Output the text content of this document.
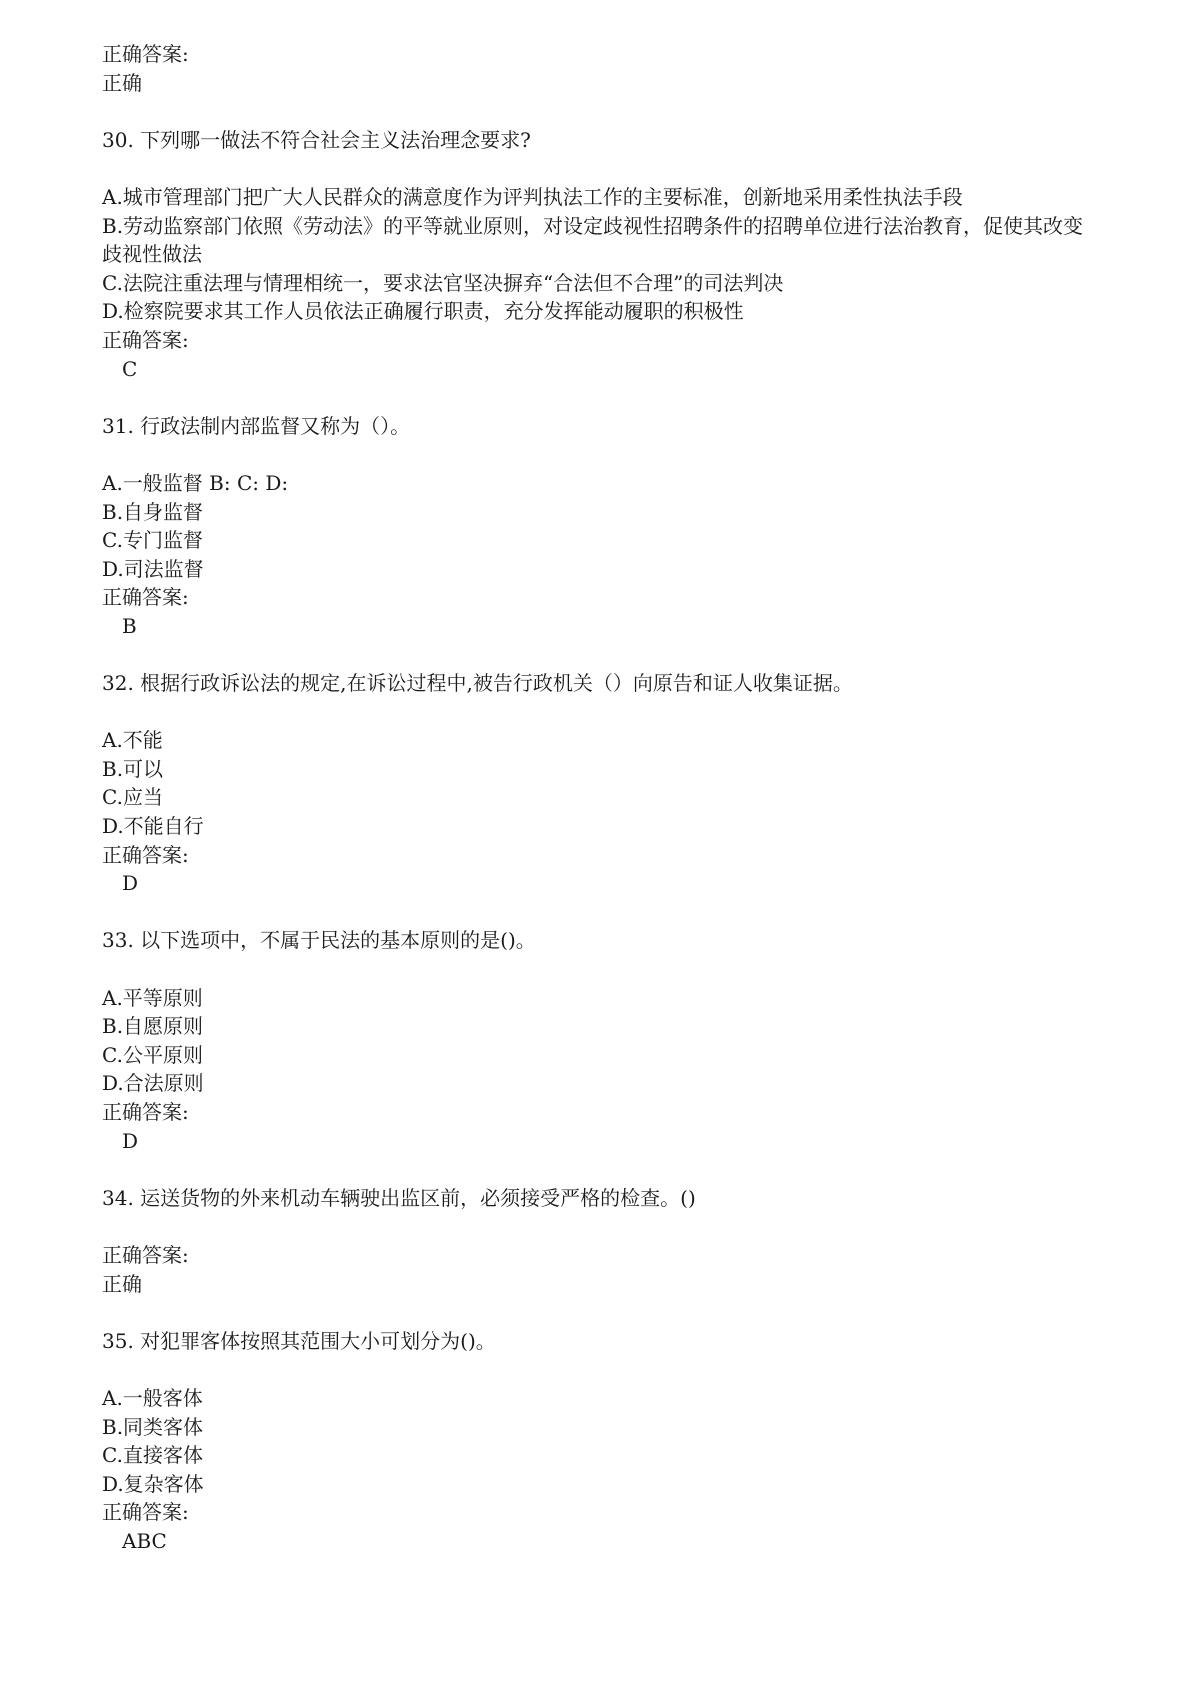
正确答案:
正确
30. 下列哪一做法不符合社会主义法治理念要求?
A.城市管理部门把广大人民群众的满意度作为评判执法工作的主要标准，创新地采用柔性执法手段
B.劳动监察部门依照《劳动法》的平等就业原则，对设定歧视性招聘条件的招聘单位进行法治教育，促使其改变歧视性做法
C.法院注重法理与情理相统一，要求法官坚决摒弃“合法但不合理”的司法判决
D.检察院要求其工作人员依法正确履行职责，充分发挥能动履职的积极性
正确答案:
C
31. 行政法制内部监督又称为（）。
A.一般监督 B: C: D:
B.自身监督
C.专门监督
D.司法监督
正确答案:
B
32. 根据行政诉讼法的规定,在诉讼过程中,被告行政机关（）向原告和证人收集证据。
A.不能
B.可以
C.应当
D.不能自行
正确答案:
D
33. 以下选项中，不属于民法的基本原则的是()。
A.平等原则
B.自愿原则
C.公平原则
D.合法原则
正确答案:
D
34. 运送货物的外来机动车辆驶出监区前，必须接受严格的检查。()
正确答案:
正确
35. 对犯罪客体按照其范围大小可划分为()。
A.一般客体
B.同类客体
C.直接客体
D.复杂客体
正确答案:
ABC
